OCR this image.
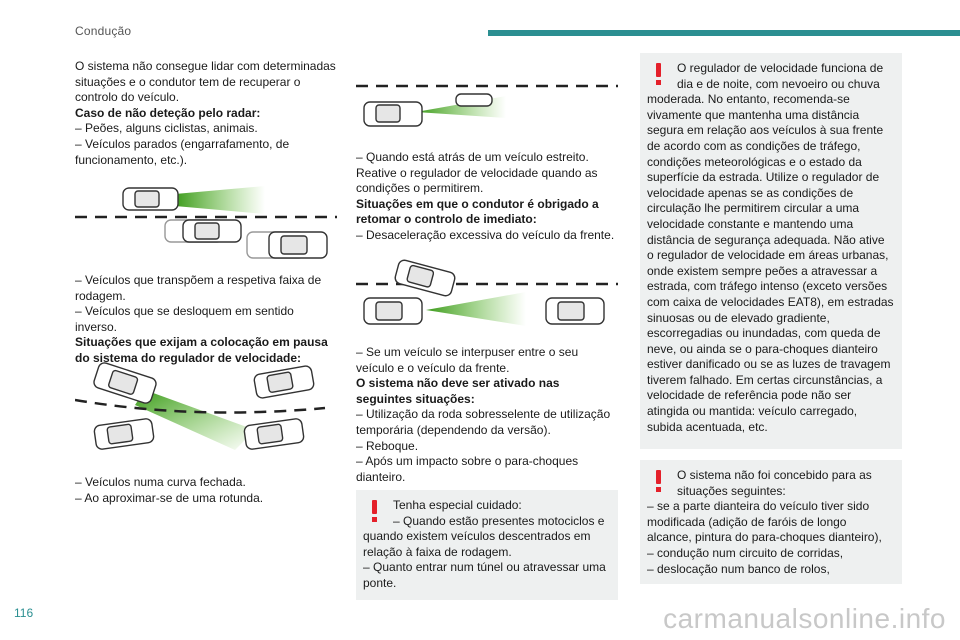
Condução

O sistema não consegue lidar com determinadas situações e o condutor tem de recuperar o controlo do veículo.

Caso de não deteção pelo radar:

– Peões, alguns ciclistas, animais.

– Veículos parados (engarrafamento, de funcionamento, etc.).

– Veículos que transpõem a respetiva faixa de rodagem.

– Veículos que se desloquem em sentido inverso.

Situações que exijam a colocação em pausa do sistema do regulador de velocidade:

– Veículos numa curva fechada.

– Ao aproximar-se de uma rotunda.

– Quando está atrás de um veículo estreito.

Reative o regulador de velocidade quando as condições o permitirem.

Situações em que o condutor é obrigado a retomar o controlo de imediato:

– Desaceleração excessiva do veículo da frente.

– Se um veículo se interpuser entre o seu veículo e o veículo da frente.

O sistema não deve ser ativado nas seguintes situações:

– Utilização da roda sobresselente de utilização temporária (dependendo da versão).

– Reboque.

– Após um impacto sobre o para-choques dianteiro.

Tenha especial cuidado:

– Quando estão presentes motociclos e quando existem veículos descentrados em relação à faixa de rodagem.

– Quanto entrar num túnel ou atravessar uma ponte.

O regulador de velocidade funciona de dia e de noite, com nevoeiro ou chuva moderada. No entanto, recomenda-se vivamente que mantenha uma distância segura em relação aos veículos à sua frente de acordo com as condições de tráfego, condições meteorológicas e o estado da superfície da estrada. Utilize o regulador de velocidade apenas se as condições de circulação lhe permitirem circular a uma velocidade constante e mantendo uma distância de segurança adequada. Não ative o regulador de velocidade em áreas urbanas, onde existem sempre peões a atravessar a estrada, com tráfego intenso (exceto versões com caixa de velocidades EAT8), em estradas sinuosas ou de elevado gradiente, escorregadias ou inundadas, com queda de neve, ou ainda se o para-choques dianteiro estiver danificado ou se as luzes de travagem tiverem falhado. Em certas circunstâncias, a velocidade de referência pode não ser atingida ou mantida: veículo carregado, subida acentuada, etc.

O sistema não foi concebido para as situações seguintes:

– se a parte dianteira do veículo tiver sido modificada (adição de faróis de longo alcance, pintura do para-choques dianteiro),

– condução num circuito de corridas,

– deslocação num banco de rolos,

116	carmanualsonline.info
